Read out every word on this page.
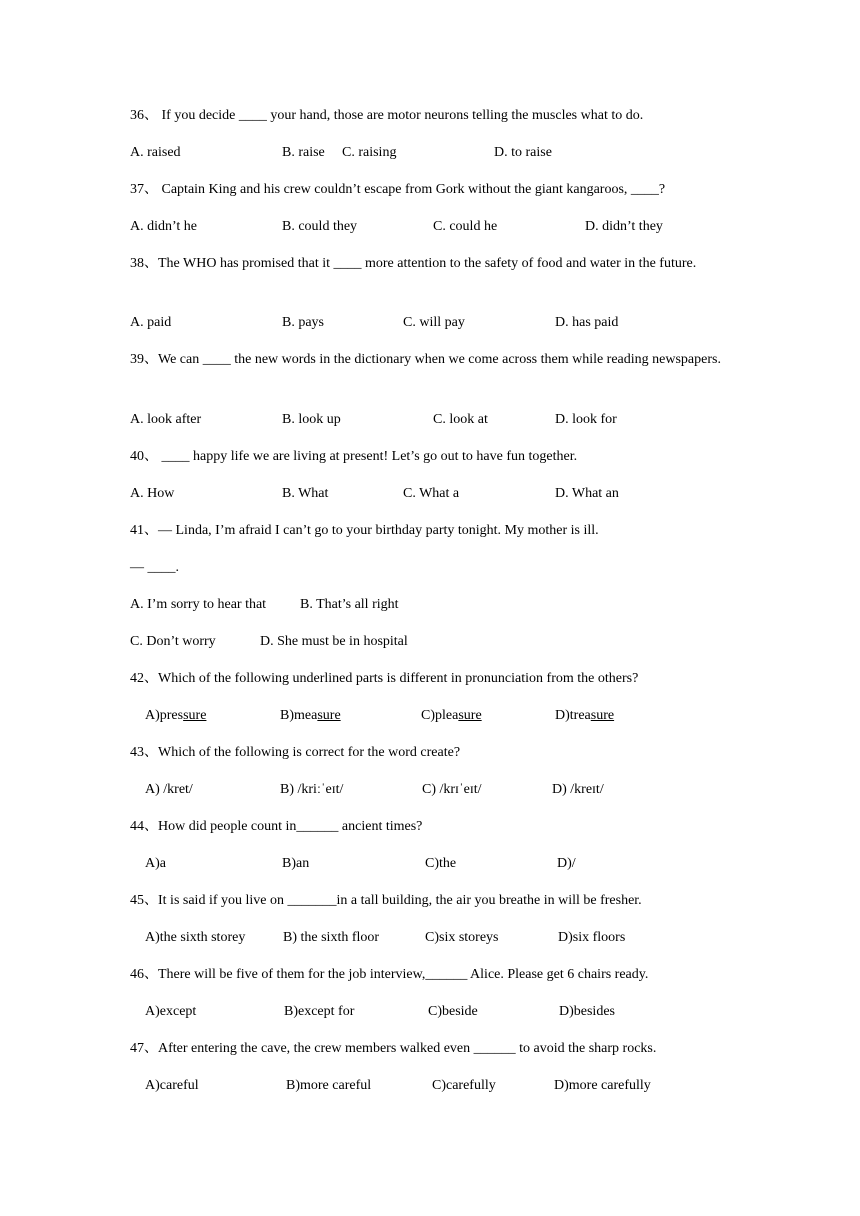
36、 If you decide ____ your hand, those are motor neurons telling the muscles what to do.
A. raised	B. raise C. raising	D. to raise
37、 Captain King and his crew couldn’t escape from Gork without the giant kangaroos, ____?
A. didn’t he	B. could they	C. could he	D. didn’t they
38、The WHO has promised that it ____ more attention to the safety of food and water in the future.
A. paid	B. pays	C. will pay	D. has paid
39、We can ____ the new words in the dictionary when we come across them while reading newspapers.
A. look after	B. look up	C. look at	D. look for
40、 ____ happy life we are living at present! Let’s go out to have fun together.
A. How	B. What	C. What a	D. What an
41、— Linda, I’m afraid I can’t go to your birthday party tonight. My mother is ill.
— ____.
A. I’m sorry to hear that B. That’s all right
C. Don’t worry	D. She must be in hospital
42、Which of the following underlined parts is different in pronunciation from the others?
A)pressure	B)measure	C)pleasure	D)treasure
43、Which of the following is correct for the word create?
A) /kret/	B) /kriːˈeɪt/	C) /krɪˈeɪt/	D) /kreɪt/
44、How did people count in______ ancient times?
A)a	B)an	C)the	D)/
45、It is said if you live on _______in a tall building, the air you breathe in will be fresher.
A)the sixth storey	B) the sixth floor	C)six storeys	D)six floors
46、There will be five of them for the job interview,______ Alice. Please get 6 chairs ready.
A)except	B)except for	C)beside	D)besides
47、After entering the cave, the crew members walked even ______ to avoid the sharp rocks.
A)careful	B)more careful	C)carefully	D)more carefully
